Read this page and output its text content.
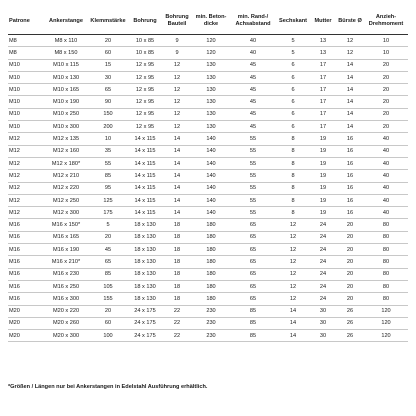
Patrone	Ankerstange	Klemmstärke	Bohrung	Bohrung Bauteil	min. Beton-dicke	min. Rand-/ Achsabstand	Sechskant	Mutter	Bürste Ø	Anzieh-Drehmoment
M8	M8 x 110	20	10 x 85	9	120	40	5	13	12	10
M8	M8 x 150	60	10 x 85	9	120	40	5	13	12	10
M10	M10 x 115	15	12 x 95	12	130	45	6	17	14	20
M10	M10 x 130	30	12 x 95	12	130	45	6	17	14	20
M10	M10 x 165	65	12 x 95	12	130	45	6	17	14	20
M10	M10 x 190	90	12 x 95	12	130	45	6	17	14	20
M10	M10 x 250	150	12 x 95	12	130	45	6	17	14	20
M10	M10 x 300	200	12 x 95	12	130	45	6	17	14	20
M12	M12 x 135	10	14 x 115	14	140	55	8	19	16	40
M12	M12 x 160	35	14 x 115	14	140	55	8	19	16	40
M12	M12 x 180*	55	14 x 115	14	140	55	8	19	16	40
M12	M12 x 210	85	14 x 115	14	140	55	8	19	16	40
M12	M12 x 220	95	14 x 115	14	140	55	8	19	16	40
M12	M12 x 250	125	14 x 115	14	140	55	8	19	16	40
M12	M12 x 300	175	14 x 115	14	140	55	8	19	16	40
M16	M16 x 150*	5	18 x 130	18	180	65	12	24	20	80
M16	M16 x 165	20	18 x 130	18	180	65	12	24	20	80
M16	M16 x 190	45	18 x 130	18	180	65	12	24	20	80
M16	M16 x 210*	65	18 x 130	18	180	65	12	24	20	80
M16	M16 x 230	85	18 x 130	18	180	65	12	24	20	80
M16	M16 x 250	105	18 x 130	18	180	65	12	24	20	80
M16	M16 x 300	155	18 x 130	18	180	65	12	24	20	80
M20	M20 x 220	20	24 x 175	22	230	85	14	30	26	120
M20	M20 x 260	60	24 x 175	22	230	85	14	30	26	120
M20	M20 x 300	100	24 x 175	22	230	85	14	30	26	120
*Größen / Längen nur bei Ankerstangen in Edelstahl Ausführung erhältlich.
